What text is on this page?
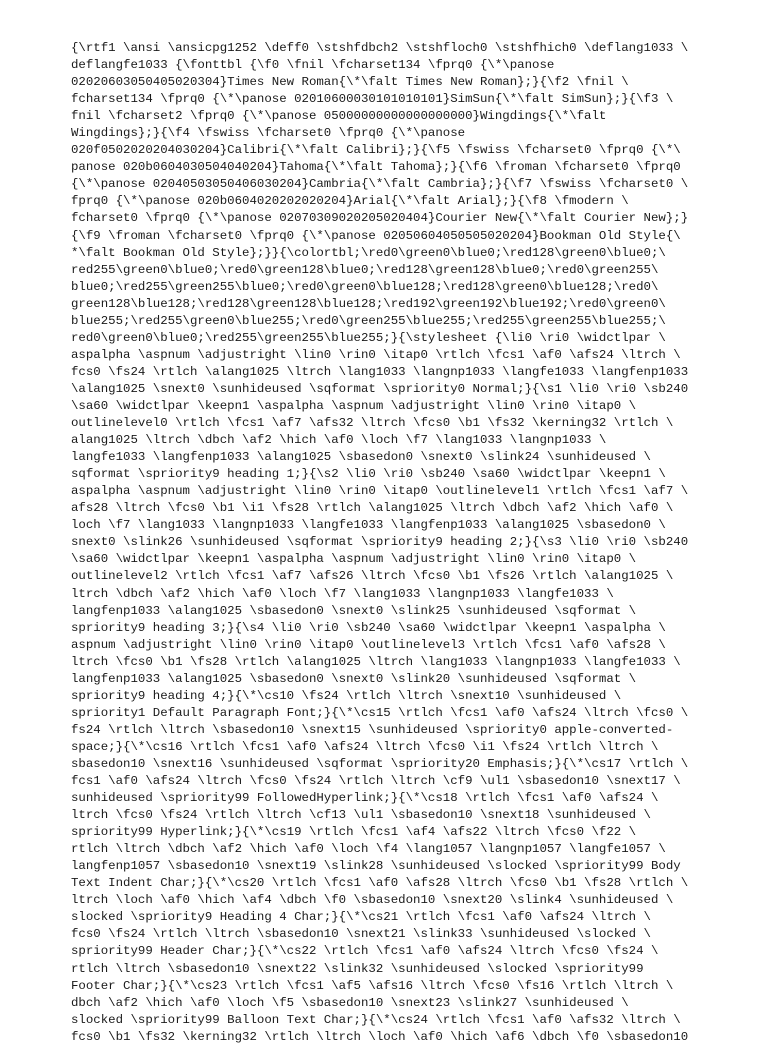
{\rtf1 \ansi \ansicpg1252 \deff0 \stshfdbch2 \stshfloch0 \stshfhich0 \deflang1033 \
deflangfe1033 {\fonttbl {\f0 \fnil \fcharset134 \fprq0 {\*\panose
02020603050405020304}Times New Roman{\*\falt Times New Roman};}{\f2 \fnil \
fcharset134 \fprq0 {\*\panose 02010600030101010101}SimSun{\*\falt SimSun};}{\f3 \
fnil \fcharset2 \fprq0 {\*\panose 05000000000000000000}Wingdings{\*\falt
Wingdings};}{\f4 \fswiss \fcharset0 \fprq0 {\*\panose
020f0502020204030204}Calibri{\*\falt Calibri};}{\f5 \fswiss \fcharset0 \fprq0 {\*\
panose 020b0604030504040204}Tahoma{\*\falt Tahoma};}{\f6 \froman \fcharset0 \fprq0
{\*\panose 02040503050406030204}Cambria{\*\falt Cambria};}{\f7 \fswiss \fcharset0 \
fprq0 {\*\panose 020b0604020202020204}Arial{\*\falt Arial};}{\f8 \fmodern \
fcharset0 \fprq0 {\*\panose 02070309020205020404}Courier New{\*\falt Courier New};}
{\f9 \froman \fcharset0 \fprq0 {\*\panose 02050604050505020204}Bookman Old Style{\
*\falt Bookman Old Style};}}{\colortbl;\red0\green0\blue0;\red128\green0\blue0;\
red255\green0\blue0;\red0\green128\blue0;\red128\green128\blue0;\red0\green255\
blue0;\red255\green255\blue0;\red0\green0\blue128;\red128\green0\blue128;\red0\
green128\blue128;\red128\green128\blue128;\red192\green192\blue192;\red0\green0\
blue255;\red255\green0\blue255;\red0\green255\blue255;\red255\green255\blue255;\
red0\green0\blue0;\red255\green255\blue255;}{\stylesheet {\li0 \ri0 \widctlpar \
aspalpha \aspnum \adjustright \lin0 \rin0 \itap0 \rtlch \fcs1 \af0 \afs24 \ltrch \
fcs0 \fs24 \rtlch \alang1025 \ltrch \lang1033 \langnp1033 \langfe1033 \langfenp1033
\alang1025 \snext0 \sunhideused \sqformat \spriority0 Normal;}{\s1 \li0 \ri0 \sb240
\sa60 \widctlpar \keepn1 \aspalpha \aspnum \adjustright \lin0 \rin0 \itap0 \
outlinelevel0 \rtlch \fcs1 \af7 \afs32 \ltrch \fcs0 \b1 \fs32 \kerning32 \rtlch \
alang1025 \ltrch \dbch \af2 \hich \af0 \loch \f7 \lang1033 \langnp1033 \
langfe1033 \langfenp1033 \alang1025 \sbasedon0 \snext0 \slink24 \sunhideused \
sqformat \spriority9 heading 1;}{\s2 \li0 \ri0 \sb240 \sa60 \widctlpar \keepn1 \
aspalpha \aspnum \adjustright \lin0 \rin0 \itap0 \outlinelevel1 \rtlch \fcs1 \af7 \
afs28 \ltrch \fcs0 \b1 \i1 \fs28 \rtlch \alang1025 \ltrch \dbch \af2 \hich \af0 \
loch \f7 \lang1033 \langnp1033 \langfe1033 \langfenp1033 \alang1025 \sbasedon0 \
snext0 \slink26 \sunhideused \sqformat \spriority9 heading 2;}{\s3 \li0 \ri0 \sb240
\sa60 \widctlpar \keepn1 \aspalpha \aspnum \adjustright \lin0 \rin0 \itap0 \
outlinelevel2 \rtlch \fcs1 \af7 \afs26 \ltrch \fcs0 \b1 \fs26 \rtlch \alang1025 \
ltrch \dbch \af2 \hich \af0 \loch \f7 \lang1033 \langnp1033 \langfe1033 \
langfenp1033 \alang1025 \sbasedon0 \snext0 \slink25 \sunhideused \sqformat \
spriority9 heading 3;}{\s4 \li0 \ri0 \sb240 \sa60 \widctlpar \keepn1 \aspalpha \
aspnum \adjustright \lin0 \rin0 \itap0 \outlinelevel3 \rtlch \fcs1 \af0 \afs28 \
ltrch \fcs0 \b1 \fs28 \rtlch \alang1025 \ltrch \lang1033 \langnp1033 \langfe1033 \
langfenp1033 \alang1025 \sbasedon0 \snext0 \slink20 \sunhideused \sqformat \
spriority9 heading 4;}{\*\cs10 \fs24 \rtlch \ltrch \snext10 \sunhideused \
spriority1 Default Paragraph Font;}{\*\cs15 \rtlch \fcs1 \af0 \afs24 \ltrch \fcs0 \
fs24 \rtlch \ltrch \sbasedon10 \snext15 \sunhideused \spriority0 apple-converted-
space;}{\*\cs16 \rtlch \fcs1 \af0 \afs24 \ltrch \fcs0 \i1 \fs24 \rtlch \ltrch \
sbasedon10 \snext16 \sunhideused \sqformat \spriority20 Emphasis;}{\*\cs17 \rtlch \
fcs1 \af0 \afs24 \ltrch \fcs0 \fs24 \rtlch \ltrch \cf9 \ul1 \sbasedon10 \snext17 \
sunhideused \spriority99 FollowedHyperlink;}{\*\cs18 \rtlch \fcs1 \af0 \afs24 \
ltrch \fcs0 \fs24 \rtlch \ltrch \cf13 \ul1 \sbasedon10 \snext18 \sunhideused \
spriority99 Hyperlink;}{\*\cs19 \rtlch \fcs1 \af4 \afs22 \ltrch \fcs0 \f22 \
rtlch \ltrch \dbch \af2 \hich \af0 \loch \f4 \lang1057 \langnp1057 \langfe1057 \
langfenp1057 \sbasedon10 \snext19 \slink28 \sunhideused \slocked \spriority99 Body
Text Indent Char;}{\*\cs20 \rtlch \fcs1 \af0 \afs28 \ltrch \fcs0 \b1 \fs28 \rtlch \
ltrch \loch \af0 \hich \af4 \dbch \f0 \sbasedon10 \snext20 \slink4 \sunhideused \
slocked \spriority9 Heading 4 Char;}{\*\cs21 \rtlch \fcs1 \af0 \afs24 \ltrch \
fcs0 \fs24 \rtlch \ltrch \sbasedon10 \snext21 \slink33 \sunhideused \slocked \
spriority99 Header Char;}{\*\cs22 \rtlch \fcs1 \af0 \afs24 \ltrch \fcs0 \fs24 \
rtlch \ltrch \sbasedon10 \snext22 \slink32 \sunhideused \slocked \spriority99
Footer Char;}{\*\cs23 \rtlch \fcs1 \af5 \afs16 \ltrch \fcs0 \fs16 \rtlch \ltrch \
dbch \af2 \hich \af0 \loch \f5 \sbasedon10 \snext23 \slink27 \sunhideused \
slocked \spriority99 Balloon Text Char;}{\*\cs24 \rtlch \fcs1 \af0 \afs32 \ltrch \
fcs0 \b1 \fs32 \kerning32 \rtlch \ltrch \loch \af0 \hich \af6 \dbch \f0 \sbasedon10
